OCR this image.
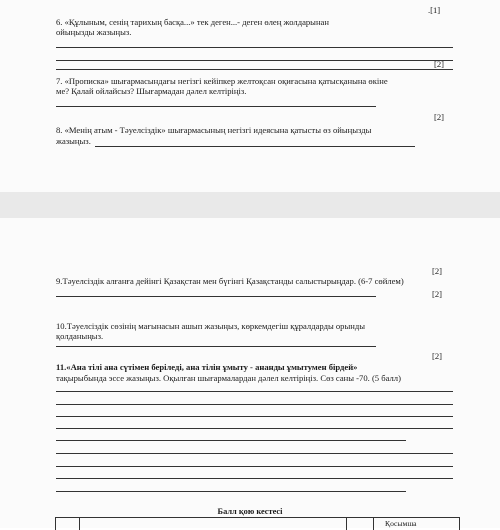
.[1]
6. «Құлыным, сенің тарихың басқа...» тек деген...- деген өлең жолдарынан
ойыңызды жазыңыз.
[2]
7. «Прописка» шығармасындағы негізгі кейіпкер желтоқсан оқиғасына қатысқанына өкіне
ме? Қалай ойлайсыз? Шығармадан дәлел келтіріңіз.
[2]
8. «Менің атым - Тәуелсіздік» шығармасының негізгі идеясына қатысты өз ойыңызды
жазыңыз.
[2]
9.Тәуелсіздік алғанға дейінгі Қазақстан мен бүгінгі Қазақстанды салыстырыңдар. (6-7 сөйлем)
[2]
10.Тәуелсіздік сөзінің мағынасын ашып жазыңыз, көркемдегіш құралдарды орынды
қолданыңыз.
[2]
11.«Ана тілі ана сүтімен беріледі, ана тілін ұмыту - ананды ұмытумен бірдей»
тақырыбында эссе жазыңыз. Оқылған шығармалардан дәлел келтіріңіз. Сөз саны -70. (5 балл)
Балл қою кестесі
Қосымша
